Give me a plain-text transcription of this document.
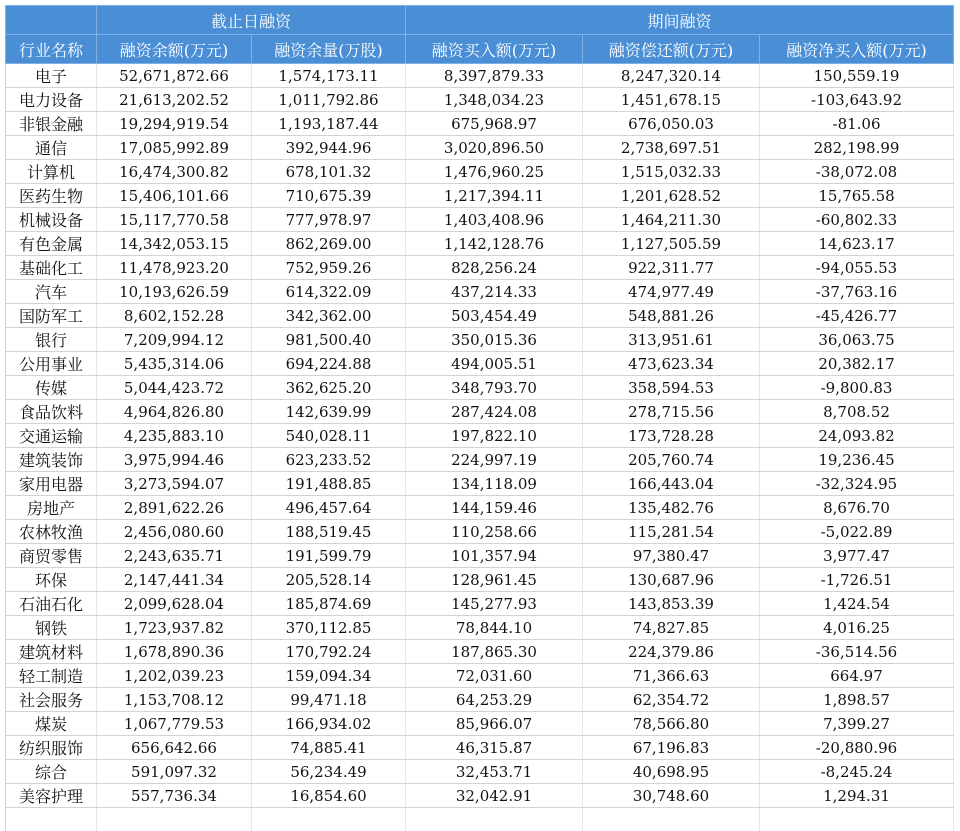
	截止日融资		期间融资		
行业名称	融资余额(万元)	融资余量(万股)	融资买入额(万元)	融资偿还额(万元)	融资净买入额(万元)
电子	52,671,872.66	1,574,173.11	8,397,879.33	8,247,320.14	150,559.19
电力设备	21,613,202.52	1,011,792.86	1,348,034.23	1,451,678.15	-103,643.92
非银金融	19,294,919.54	1,193,187.44	675,968.97	676,050.03	-81.06
通信	17,085,992.89	392,944.96	3,020,896.50	2,738,697.51	282,198.99
计算机	16,474,300.82	678,101.32	1,476,960.25	1,515,032.33	-38,072.08
医药生物	15,406,101.66	710,675.39	1,217,394.11	1,201,628.52	15,765.58
机械设备	15,117,770.58	777,978.97	1,403,408.96	1,464,211.30	-60,802.33
有色金属	14,342,053.15	862,269.00	1,142,128.76	1,127,505.59	14,623.17
基础化工	11,478,923.20	752,959.26	828,256.24	922,311.77	-94,055.53
汽车	10,193,626.59	614,322.09	437,214.33	474,977.49	-37,763.16
国防军工	8,602,152.28	342,362.00	503,454.49	548,881.26	-45,426.77
银行	7,209,994.12	981,500.40	350,015.36	313,951.61	36,063.75
公用事业	5,435,314.06	694,224.88	494,005.51	473,623.34	20,382.17
传媒	5,044,423.72	362,625.20	348,793.70	358,594.53	-9,800.83
食品饮料	4,964,826.80	142,639.99	287,424.08	278,715.56	8,708.52
交通运输	4,235,883.10	540,028.11	197,822.10	173,728.28	24,093.82
建筑装饰	3,975,994.46	623,233.52	224,997.19	205,760.74	19,236.45
家用电器	3,273,594.07	191,488.85	134,118.09	166,443.04	-32,324.95
房地产	2,891,622.26	496,457.64	144,159.46	135,482.76	8,676.70
农林牧渔	2,456,080.60	188,519.45	110,258.66	115,281.54	-5,022.89
商贸零售	2,243,635.71	191,599.79	101,357.94	97,380.47	3,977.47
环保	2,147,441.34	205,528.14	128,961.45	130,687.96	-1,726.51
石油石化	2,099,628.04	185,874.69	145,277.93	143,853.39	1,424.54
钢铁	1,723,937.82	370,112.85	78,844.10	74,827.85	4,016.25
建筑材料	1,678,890.36	170,792.24	187,865.30	224,379.86	-36,514.56
轻工制造	1,202,039.23	159,094.34	72,031.60	71,366.63	664.97
社会服务	1,153,708.12	99,471.18	64,253.29	62,354.72	1,898.57
煤炭	1,067,779.53	166,934.02	85,966.07	78,566.80	7,399.27
纺织服饰	656,642.66	74,885.41	46,315.87	67,196.83	-20,880.96
综合	591,097.32	56,234.49	32,453.71	40,698.95	-8,245.24
美容护理	557,736.34	16,854.60	32,042.91	30,748.60	1,294.31
